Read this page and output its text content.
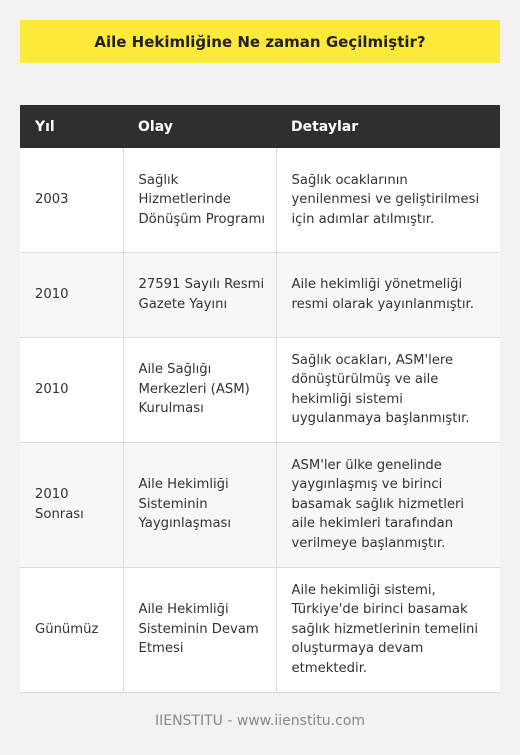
Aile Hekimliğine Ne zaman Geçilmiştir?
Yıl	Olay	Detaylar
2003	Sağlık Hizmetlerinde Dönüşüm Programı	Sağlık ocaklarının yenilenmesi ve geliştirilmesi için adımlar atılmıştır.
2010	27591 Sayılı Resmi Gazete Yayını	Aile hekimliği yönetmeliği resmi olarak yayınlanmıştır.
2010	Aile Sağlığı Merkezleri (ASM) Kurulması	Sağlık ocakları, ASM'lere dönüştürülmüş ve aile hekimliği sistemi uygulanmaya başlanmıştır.
2010 Sonrası	Aile Hekimliği Sisteminin Yaygınlaşması	ASM'ler ülke genelinde yaygınlaşmış ve birinci basamak sağlık hizmetleri aile hekimleri tarafından verilmeye başlanmıştır.
Günümüz	Aile Hekimliği Sisteminin Devam Etmesi	Aile hekimliği sistemi, Türkiye'de birinci basamak sağlık hizmetlerinin temelini oluşturmaya devam etmektedir.
IIENSTITU - www.iienstitu.com
